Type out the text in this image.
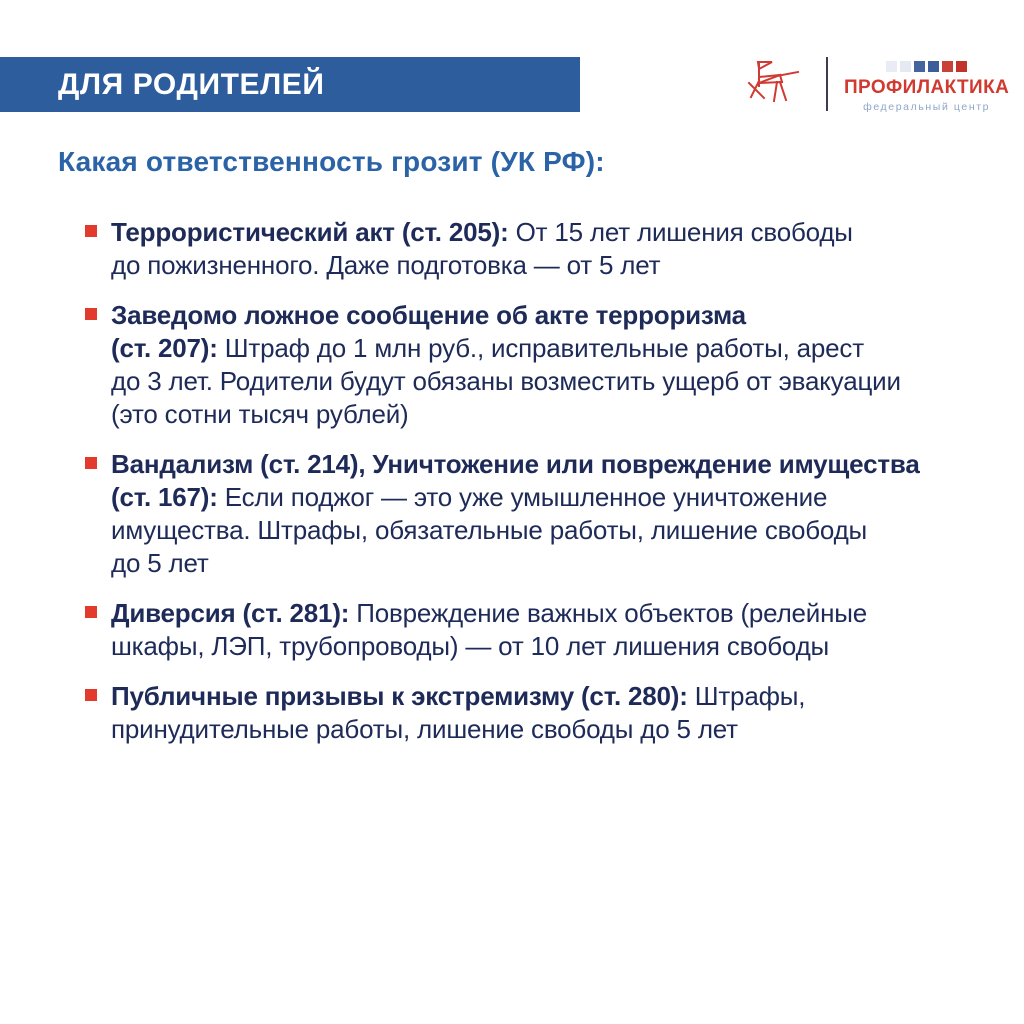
ДЛЯ РОДИТЕЛЕЙ	ПРОФИЛАКТИКА
федеральный центр
Какая ответственность грозит (УК РФ):
Террористический акт (ст. 205): От 15 лет лишения свободы
до пожизненного. Даже подготовка — от 5 лет
Заведомо ложное сообщение об акте терроризма
(ст. 207): Штраф до 1 млн руб., исправительные работы, арест
до 3 лет. Родители будут обязаны возместить ущерб от эвакуации
(это сотни тысяч рублей)
Вандализм (ст. 214), Уничтожение или повреждение имущества
(ст. 167): Если поджог — это уже умышленное уничтожение
имущества. Штрафы, обязательные работы, лишение свободы
до 5 лет
Диверсия (ст. 281): Повреждение важных объектов (релейные
шкафы, ЛЭП, трубопроводы) — от 10 лет лишения свободы
Публичные призывы к экстремизму (ст. 280): Штрафы,
принудительные работы, лишение свободы до 5 лет
